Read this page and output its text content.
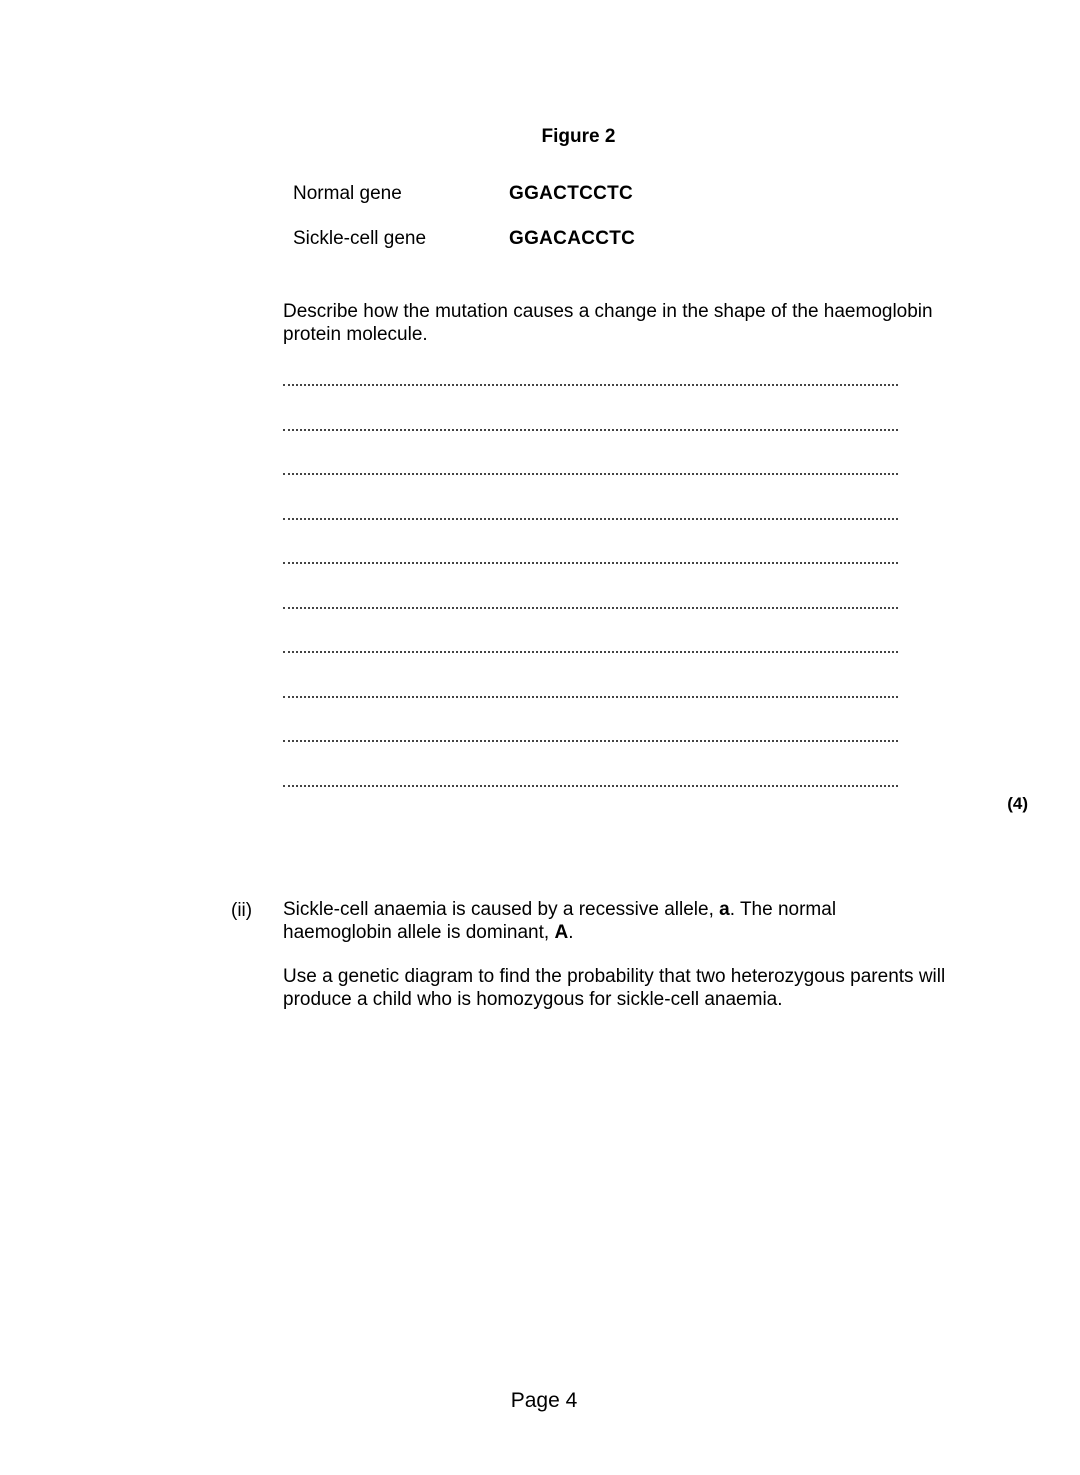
Figure 2
Normal gene	GGACTCCTC
Sickle-cell gene	GGACACCTC
Describe how the mutation causes a change in the shape of the haemoglobin protein molecule.
(4)
(ii) Sickle-cell anaemia is caused by a recessive allele, a. The normal haemoglobin allele is dominant, A.
Use a genetic diagram to find the probability that two heterozygous parents will produce a child who is homozygous for sickle-cell anaemia.
Page 4
